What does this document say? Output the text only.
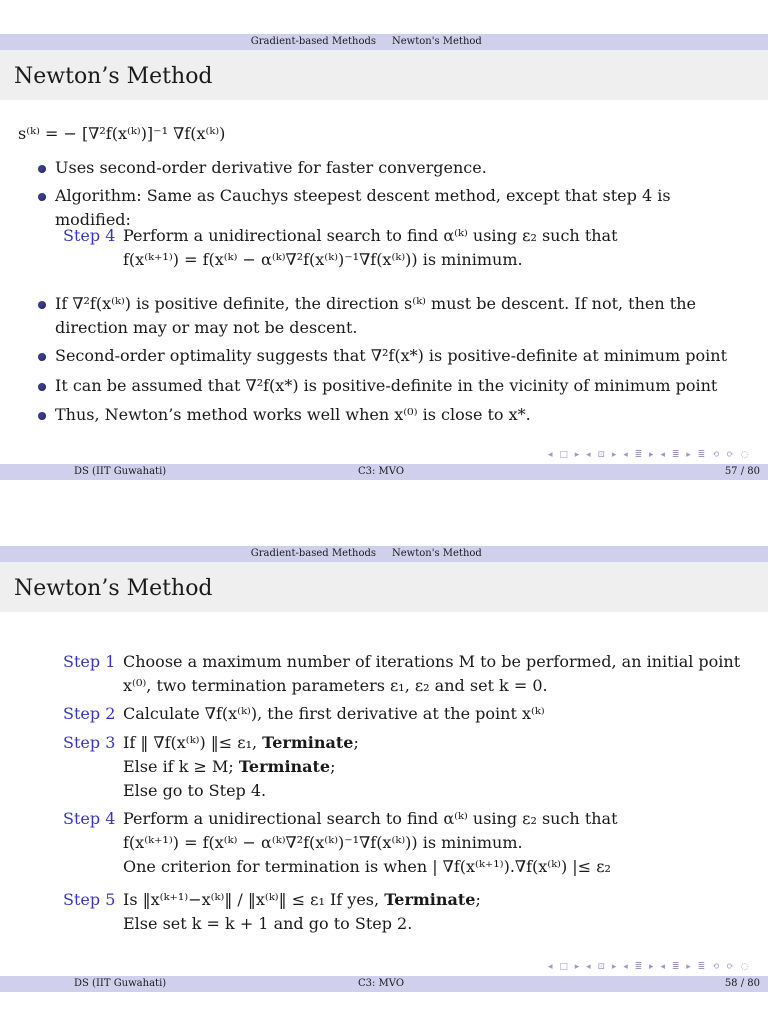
Gradient-based Methods Newton's Method
Newton’s Method
s⁽ᵏ⁾ = − [∇²f(x⁽ᵏ⁾)]⁻¹ ∇f(x⁽ᵏ⁾)
Uses second-order derivative for faster convergence.
Algorithm: Same as Cauchys steepest descent method, except that step 4 is modified:
Step 4 Perform a unidirectional search to find α⁽ᵏ⁾ using ε₂ such that
f(x⁽ᵏ⁺¹⁾) = f(x⁽ᵏ⁾ − α⁽ᵏ⁾∇²f(x⁽ᵏ⁾)⁻¹∇f(x⁽ᵏ⁾)) is minimum.
If ∇²f(x⁽ᵏ⁾) is positive definite, the direction s⁽ᵏ⁾ must be descent. If not, then the direction may or may not be descent.
Second-order optimality suggests that ∇²f(x*) is positive-definite at minimum point
It can be assumed that ∇²f(x*) is positive-definite in the vicinity of minimum point
Thus, Newton’s method works well when x⁽⁰⁾ is close to x*.
◂ □ ▸ ◂ ⊡ ▸ ◂ ≣ ▸ ◂ ≣ ▸ ≣ ⟲ ⟳ ◌
DS (IIT Guwahati)	C3: MVO	57 / 80
Gradient-based Methods Newton's Method
Newton’s Method
Step 1 Choose a maximum number of iterations M to be performed, an initial point
x⁽⁰⁾, two termination parameters ε₁, ε₂ and set k = 0.
Step 2 Calculate ∇f(x⁽ᵏ⁾), the first derivative at the point x⁽ᵏ⁾
Step 3 If ‖ ∇f(x⁽ᵏ⁾) ‖≤ ε₁, Terminate;
Else if k ≥ M; Terminate;
Else go to Step 4.
Step 4 Perform a unidirectional search to find α⁽ᵏ⁾ using ε₂ such that
f(x⁽ᵏ⁺¹⁾) = f(x⁽ᵏ⁾ − α⁽ᵏ⁾∇²f(x⁽ᵏ⁾)⁻¹∇f(x⁽ᵏ⁾)) is minimum.
One criterion for termination is when | ∇f(x⁽ᵏ⁺¹⁾).∇f(x⁽ᵏ⁾) |≤ ε₂
Step 5 Is ‖x⁽ᵏ⁺¹⁾−x⁽ᵏ⁾‖ / ‖x⁽ᵏ⁾‖ ≤ ε₁ If yes, Terminate;
Else set k = k + 1 and go to Step 2.
◂ □ ▸ ◂ ⊡ ▸ ◂ ≣ ▸ ◂ ≣ ▸ ≣ ⟲ ⟳ ◌
DS (IIT Guwahati)	C3: MVO	58 / 80
